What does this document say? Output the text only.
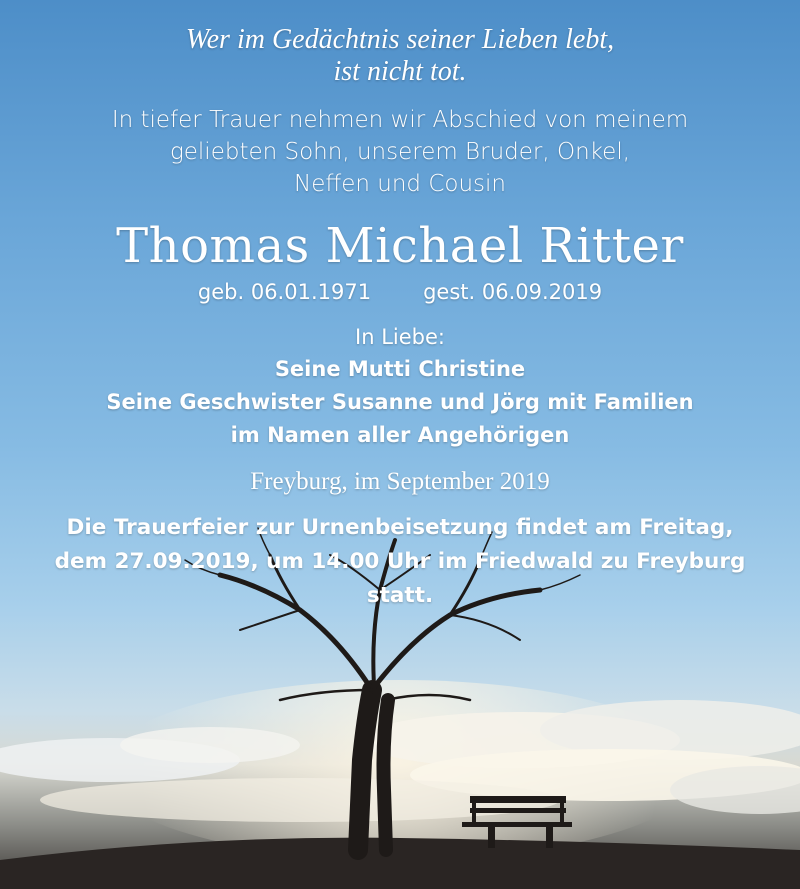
Wer im Gedächtnis seiner Lieben lebt,
ist nicht tot.
In tiefer Trauer nehmen wir Abschied von meinem
geliebten Sohn, unserem Bruder, Onkel,
Neffen und Cousin
Thomas Michael Ritter
geb. 06.01.1971 gest. 06.09.2019
In Liebe:
Seine Mutti Christine
Seine Geschwister Susanne und Jörg mit Familien
im Namen aller Angehörigen
Freyburg, im September 2019
Die Trauerfeier zur Urnenbeisetzung findet am Freitag,
dem 27.09.2019, um 14.00 Uhr im Friedwald zu Freyburg
statt.
